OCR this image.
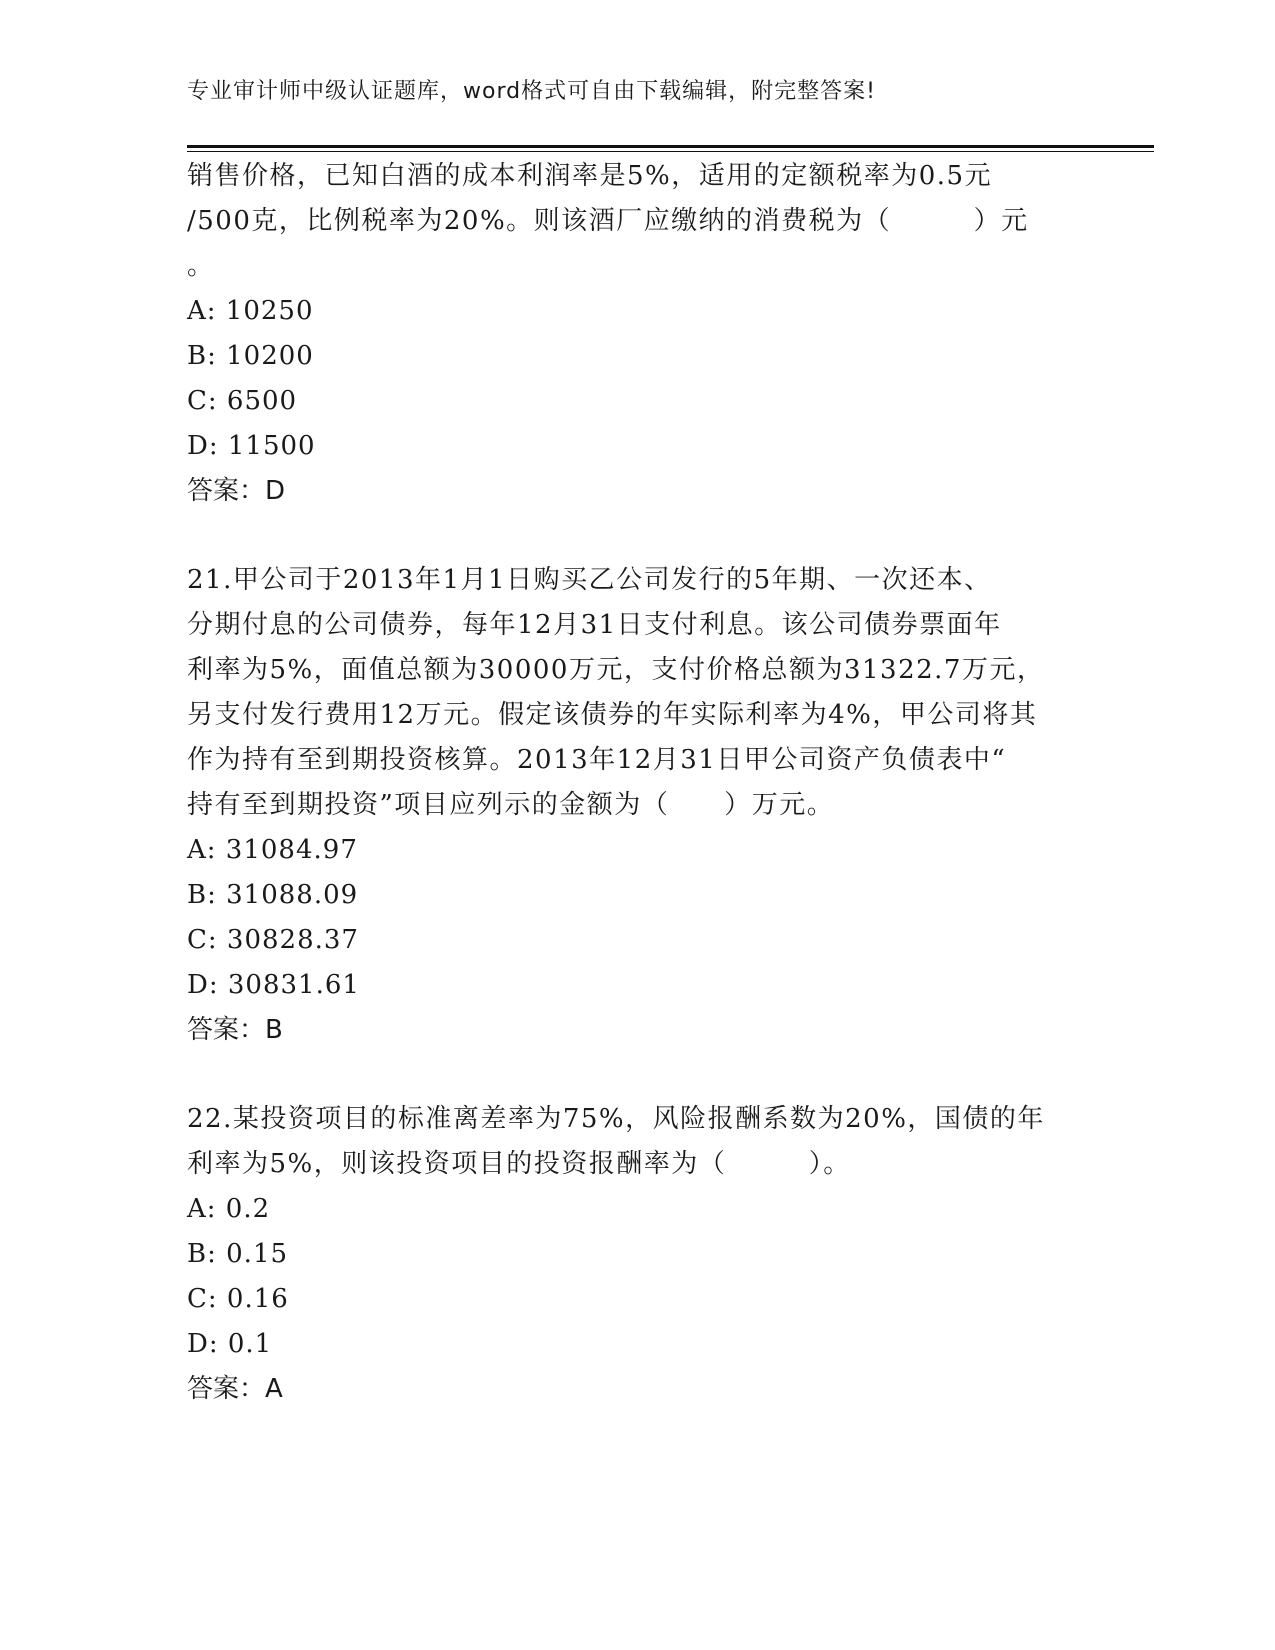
专业审计师中级认证题库，word格式可自由下载编辑，附完整答案!
销售价格，已知白酒的成本利润率是5%，适用的定额税率为0.5元
/500克，比例税率为20%。则该酒厂应缴纳的消费税为（　　　）元
。
A: 10250
B: 10200
C: 6500
D: 11500
答案：D
21.甲公司于2013年1月1日购买乙公司发行的5年期、一次还本、
分期付息的公司债券，每年12月31日支付利息。该公司债券票面年
利率为5%，面值总额为30000万元，支付价格总额为31322.7万元，
另支付发行费用12万元。假定该债券的年实际利率为4%，甲公司将其
作为持有至到期投资核算。2013年12月31日甲公司资产负债表中“
持有至到期投资”项目应列示的金额为（　　）万元。
A: 31084.97
B: 31088.09
C: 30828.37
D: 30831.61
答案：B
22.某投资项目的标准离差率为75%，风险报酬系数为20%，国债的年
利率为5%，则该投资项目的投资报酬率为（　　　）。
A: 0.2
B: 0.15
C: 0.16
D: 0.1
答案：A
